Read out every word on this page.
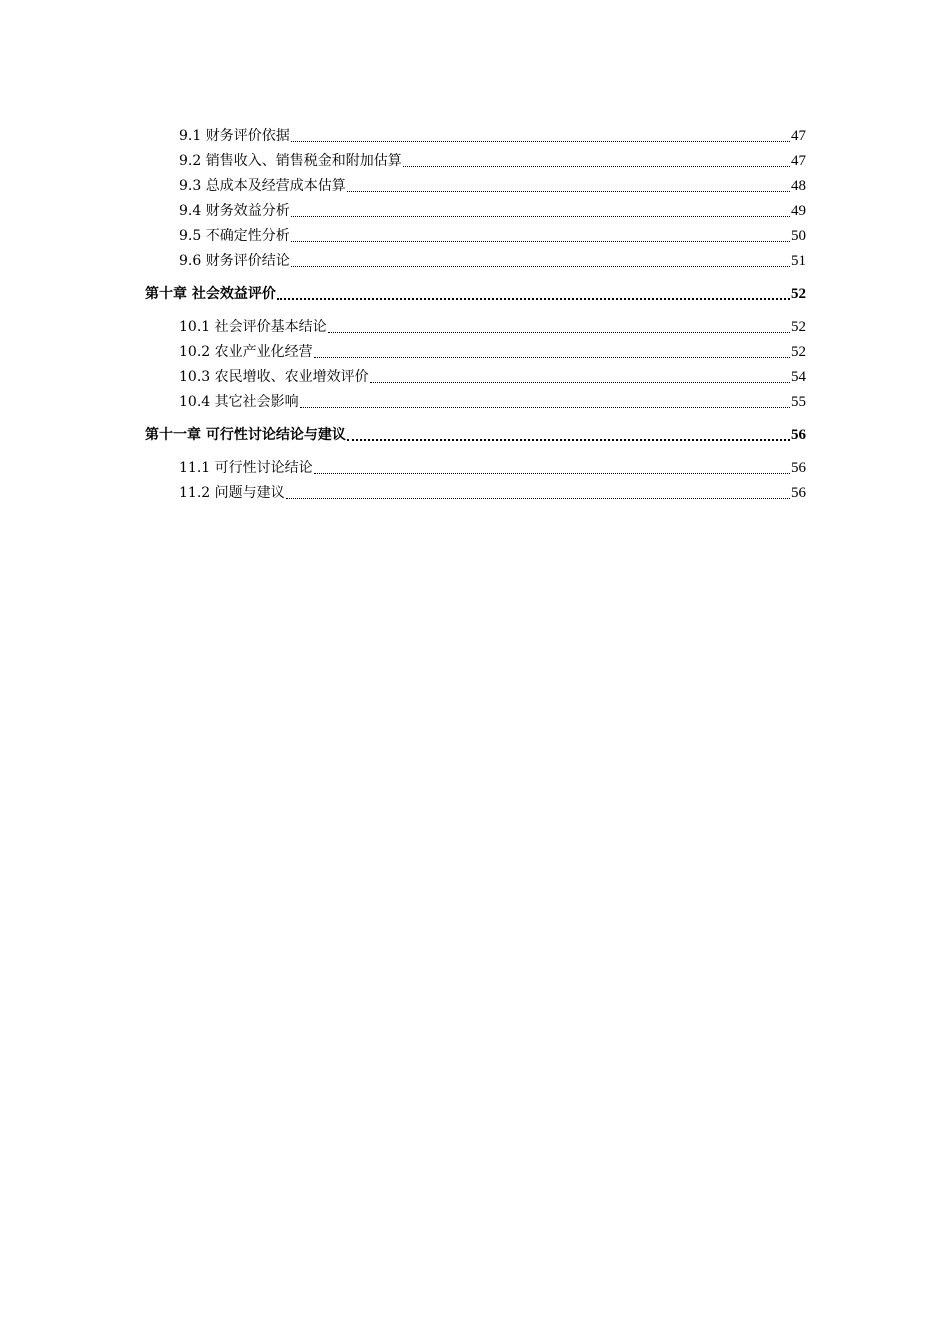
9.1 财务评价依据	47
9.2 销售收入、销售税金和附加估算	47
9.3 总成本及经营成本估算	48
9.4 财务效益分析	49
9.5 不确定性分析	50
9.6 财务评价结论	51
第十章 社会效益评价	52
10.1 社会评价基本结论	52
10.2 农业产业化经营	52
10.3 农民增收、农业增效评价	54
10.4 其它社会影响	55
第十一章 可行性讨论结论与建议	56
11.1 可行性讨论结论	56
11.2 问题与建议	56
